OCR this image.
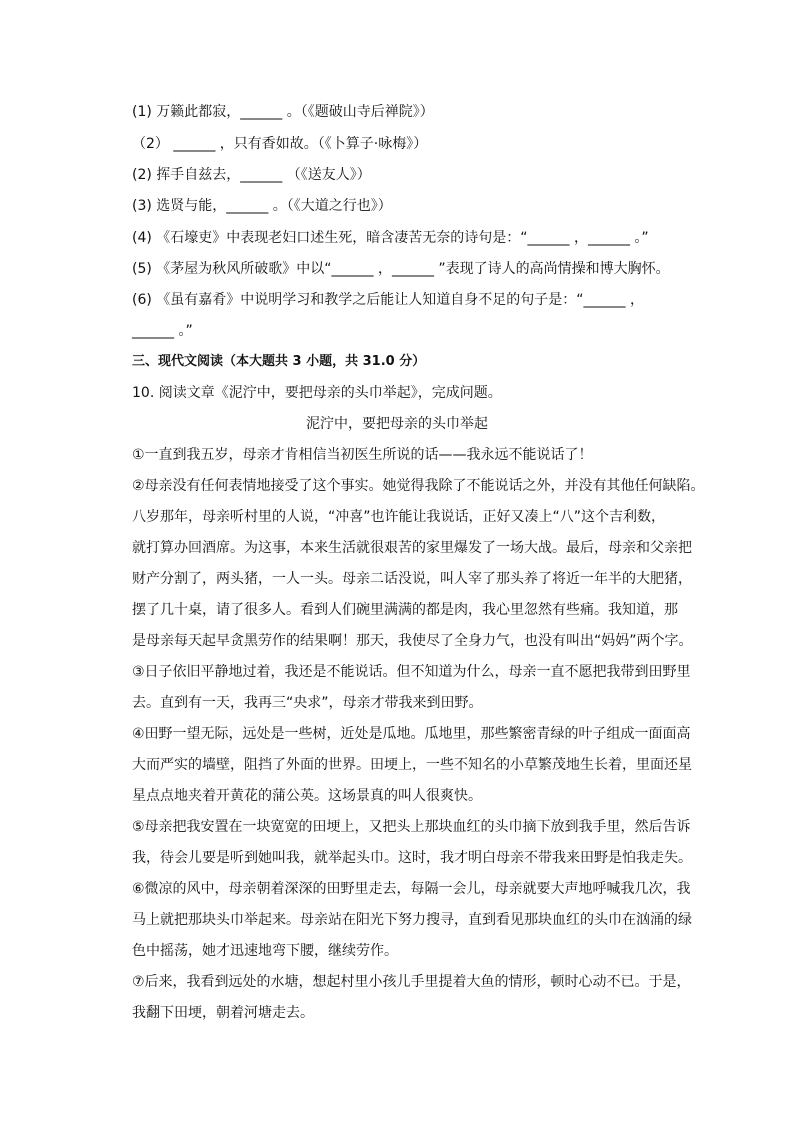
(1) 万籁此都寂，______ 。（《题破山寺后禅院》）
（2） ______ ，只有香如故。（《卜算子·咏梅》）
(2) 挥手自兹去，______ （《送友人》）
(3) 选贤与能，______ 。（《大道之行也》）
(4) 《石壕吏》中表现老妇口述生死，暗含凄苦无奈的诗句是：“______ ，______ 。”
(5) 《茅屋为秋风所破歌》中以“______ ，______ ”表现了诗人的高尚情操和博大胸怀。
(6) 《虽有嘉肴》中说明学习和教学之后能让人知道自身不足的句子是：“______ ，
______ 。”
三、现代文阅读（本大题共 3 小题，共 31.0 分）
10. 阅读文章《泥泞中，要把母亲的头巾举起》，完成问题。
泥泞中，要把母亲的头巾举起
①一直到我五岁，母亲才肯相信当初医生所说的话——我永远不能说话了！
②母亲没有任何表情地接受了这个事实。她觉得我除了不能说话之外，并没有其他任何缺陷。
八岁那年，母亲听村里的人说，“冲喜”也许能让我说话，正好又凑上“八”这个吉利数，
就打算办回酒席。为这事，本来生活就很艰苦的家里爆发了一场大战。最后，母亲和父亲把
财产分割了，两头猪，一人一头。母亲二话没说，叫人宰了那头养了将近一年半的大肥猪，
摆了几十桌，请了很多人。看到人们碗里满满的都是肉，我心里忽然有些痛。我知道，那
是母亲每天起早贪黑劳作的结果啊！那天，我使尽了全身力气，也没有叫出“妈妈”两个字。
③日子依旧平静地过着，我还是不能说话。但不知道为什么，母亲一直不愿把我带到田野里
去。直到有一天，我再三“央求”，母亲才带我来到田野。
④田野一望无际，远处是一些树，近处是瓜地。瓜地里，那些繁密青绿的叶子组成一面面高
大而严实的墙壁，阻挡了外面的世界。田埂上，一些不知名的小草繁茂地生长着，里面还星
星点点地夹着开黄花的蒲公英。这场景真的叫人很爽快。
⑤母亲把我安置在一块宽宽的田埂上，又把头上那块血红的头巾摘下放到我手里，然后告诉
我，待会儿要是听到她叫我，就举起头巾。这时，我才明白母亲不带我来田野是怕我走失。
⑥微凉的风中，母亲朝着深深的田野里走去，每隔一会儿，母亲就要大声地呼喊我几次，我
马上就把那块头巾举起来。母亲站在阳光下努力搜寻，直到看见那块血红的头巾在汹涌的绿
色中摇荡，她才迅速地弯下腰，继续劳作。
⑦后来，我看到远处的水塘，想起村里小孩儿手里提着大鱼的情形，顿时心动不已。于是，
我翻下田埂，朝着河塘走去。
